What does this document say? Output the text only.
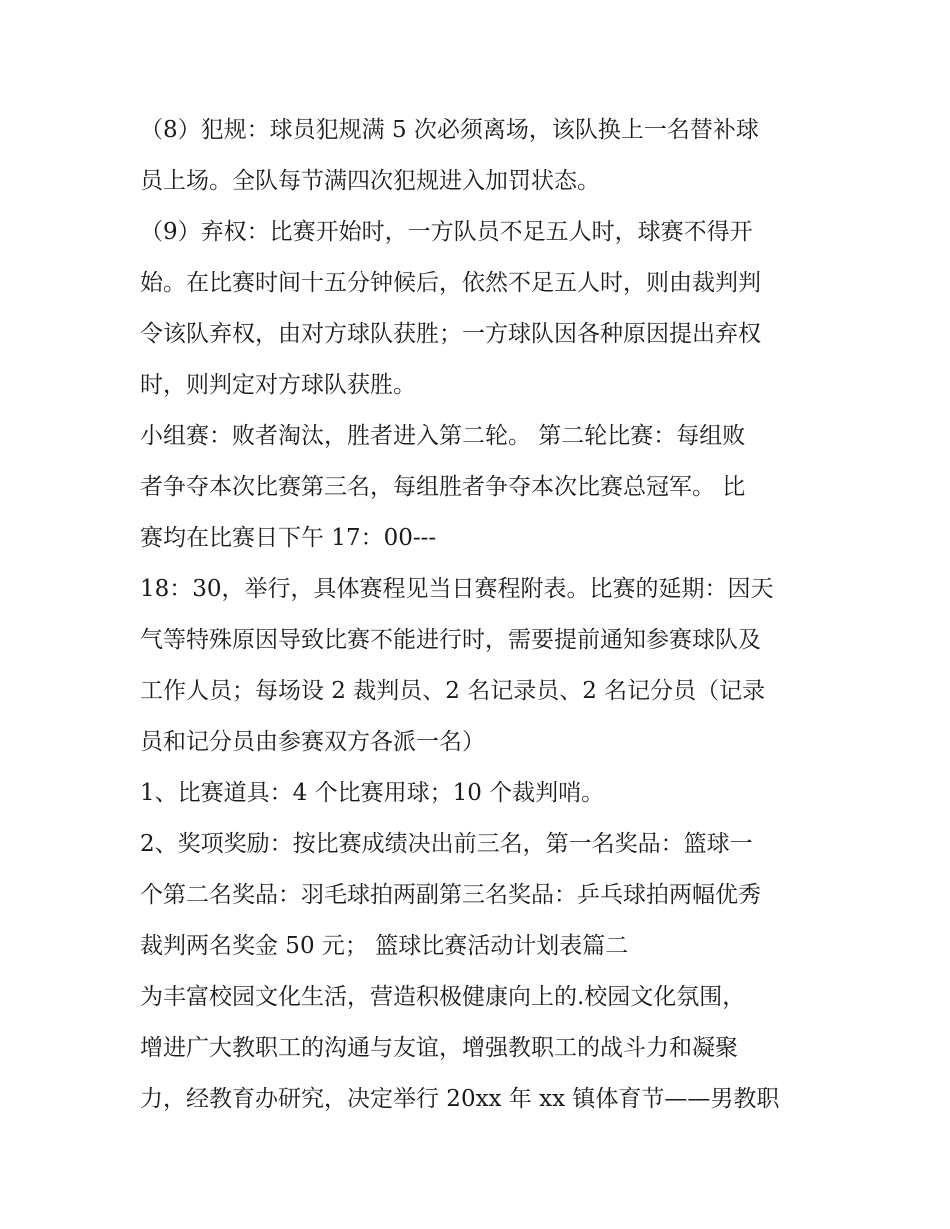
（8）犯规：球员犯规满 5 次必须离场，该队换上一名替补球
员上场。全队每节满四次犯规进入加罚状态。
（9）弃权：比赛开始时，一方队员不足五人时，球赛不得开
始。在比赛时间十五分钟候后，依然不足五人时，则由裁判判
令该队弃权，由对方球队获胜；一方球队因各种原因提出弃权
时，则判定对方球队获胜。
小组赛：败者淘汰，胜者进入第二轮。 第二轮比赛：每组败
者争夺本次比赛第三名，每组胜者争夺本次比赛总冠军。 比
赛均在比赛日下午 17：00---
18：30，举行，具体赛程见当日赛程附表。比赛的延期：因天
气等特殊原因导致比赛不能进行时，需要提前通知参赛球队及
工作人员；每场设 2 裁判员、2 名记录员、2 名记分员（记录
员和记分员由参赛双方各派一名）
1、比赛道具：4 个比赛用球；10 个裁判哨。
2、奖项奖励：按比赛成绩决出前三名，第一名奖品：篮球一
个第二名奖品：羽毛球拍两副第三名奖品：乒乓球拍两幅优秀
裁判两名奖金 50 元； 篮球比赛活动计划表篇二
为丰富校园文化生活，营造积极健康向上的.校园文化氛围，
增进广大教职工的沟通与友谊，增强教职工的战斗力和凝聚
力，经教育办研究，决定举行 20xx 年 xx 镇体育节——男教职
